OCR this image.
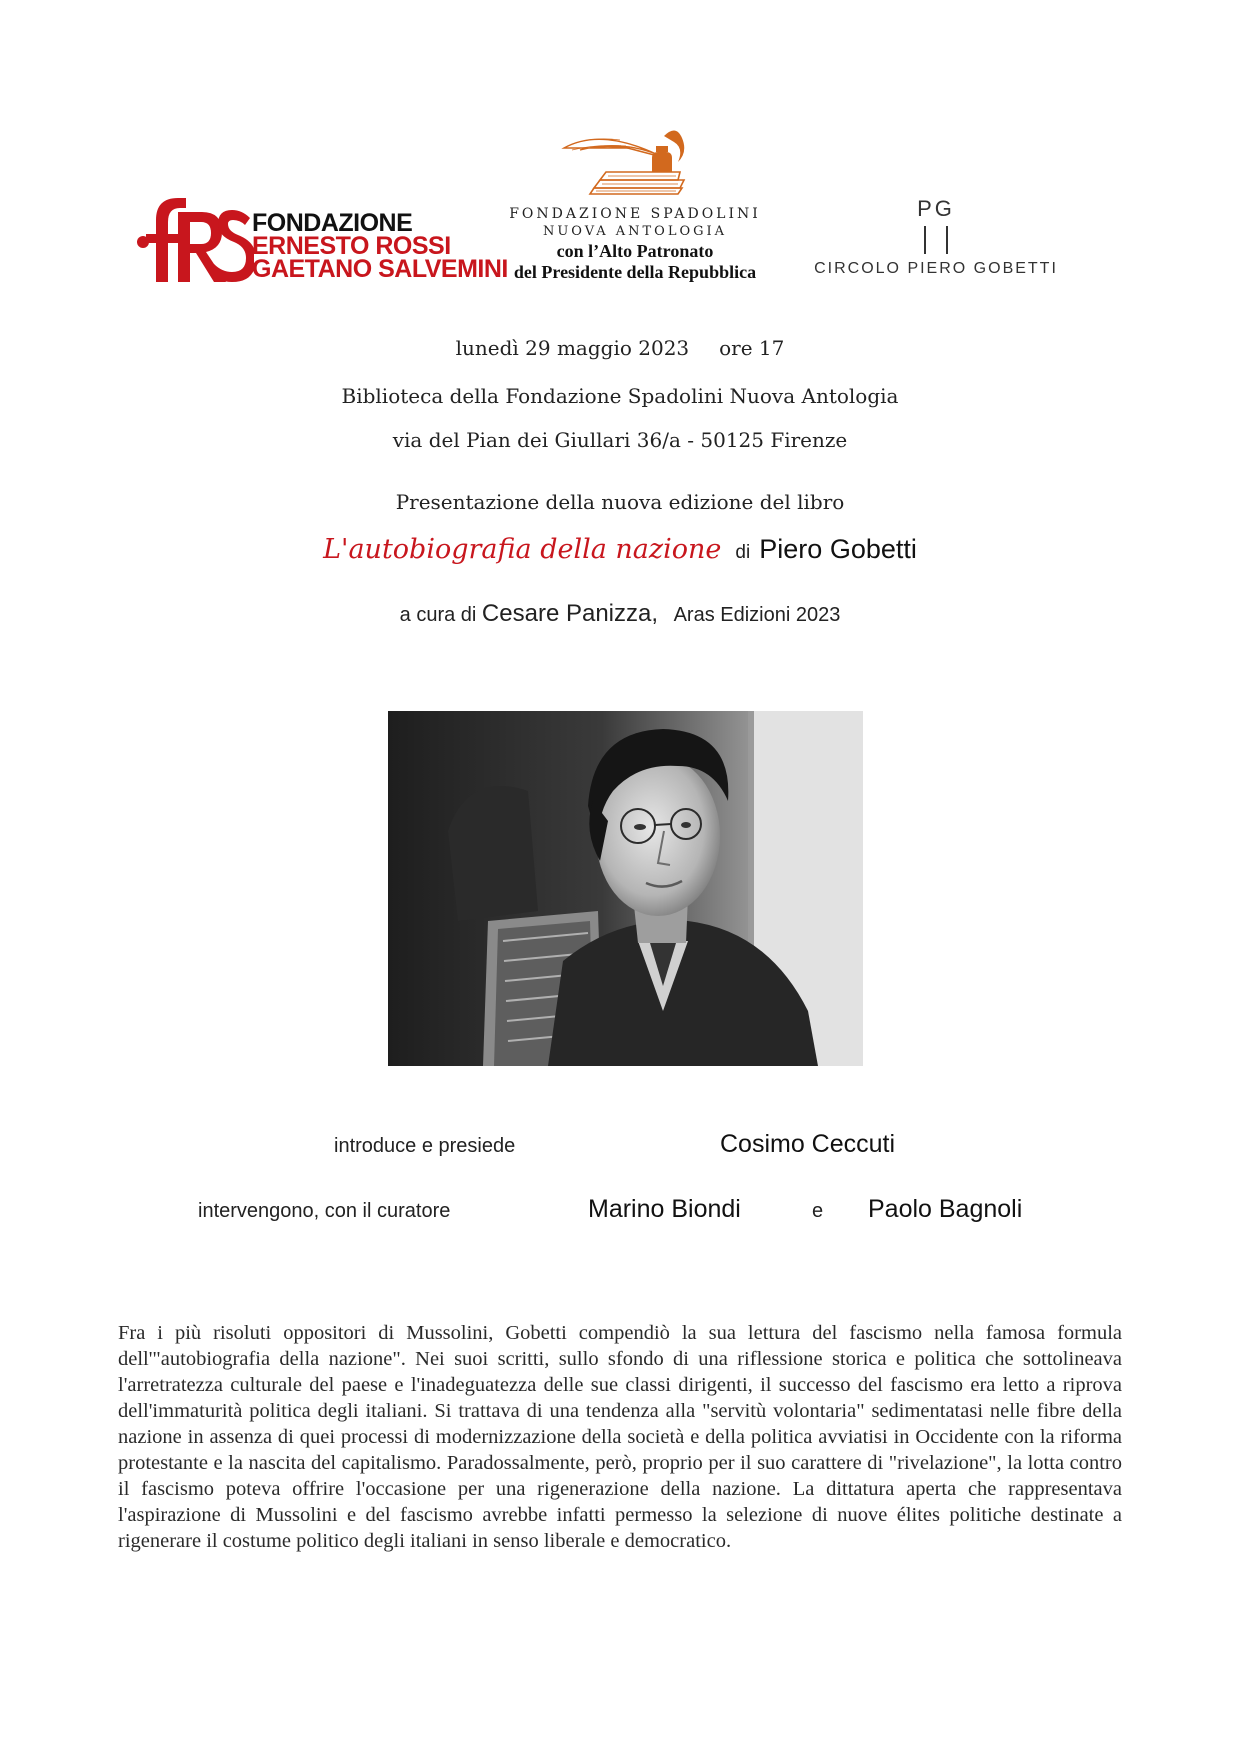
FONDAZIONE
ERNESTO ROSSI
GAETANO SALVEMINI
FONDAZIONE SPADOLINI
NUOVA ANTOLOGIA
con l’Alto Patronato
del Presidente della Repubblica
PG
CIRCOLO PIERO GOBETTI
lunedì 29 maggio 2023 ore 17
Biblioteca della Fondazione Spadolini Nuova Antologia
via del Pian dei Giullari 36/a - 50125 Firenze
Presentazione della nuova edizione del libro
L'autobiografia della nazione di Piero Gobetti
a cura di Cesare Panizza, Aras Edizioni 2023
introduce e presiede	Cosimo Ceccuti
intervengono, con il curatore	Marino Biondi	e Paolo Bagnoli
Fra i più risoluti oppositori di Mussolini, Gobetti compendiò la sua lettura del fascismo nella famosa formula dell'"autobiografia della nazione". Nei suoi scritti, sullo sfondo di una riflessione storica e politica che sottolineava l'arretratezza culturale del paese e l'inadeguatezza delle sue classi dirigenti, il successo del fascismo era letto a riprova dell'immaturità politica degli italiani. Si trattava di una tendenza alla "servitù volontaria" sedimentatasi nelle fibre della nazione in assenza di quei processi di modernizzazione della società e della politica avviatisi in Occidente con la riforma protestante e la nascita del capitalismo. Paradossalmente, però, proprio per il suo carattere di "rivelazione", la lotta contro il fascismo poteva offrire l'occasione per una rigenerazione della nazione. La dittatura aperta che rappresentava l'aspirazione di Mussolini e del fascismo avrebbe infatti permesso la selezione di nuove élites politiche destinate a rigenerare il costume politico degli italiani in senso liberale e democratico.
